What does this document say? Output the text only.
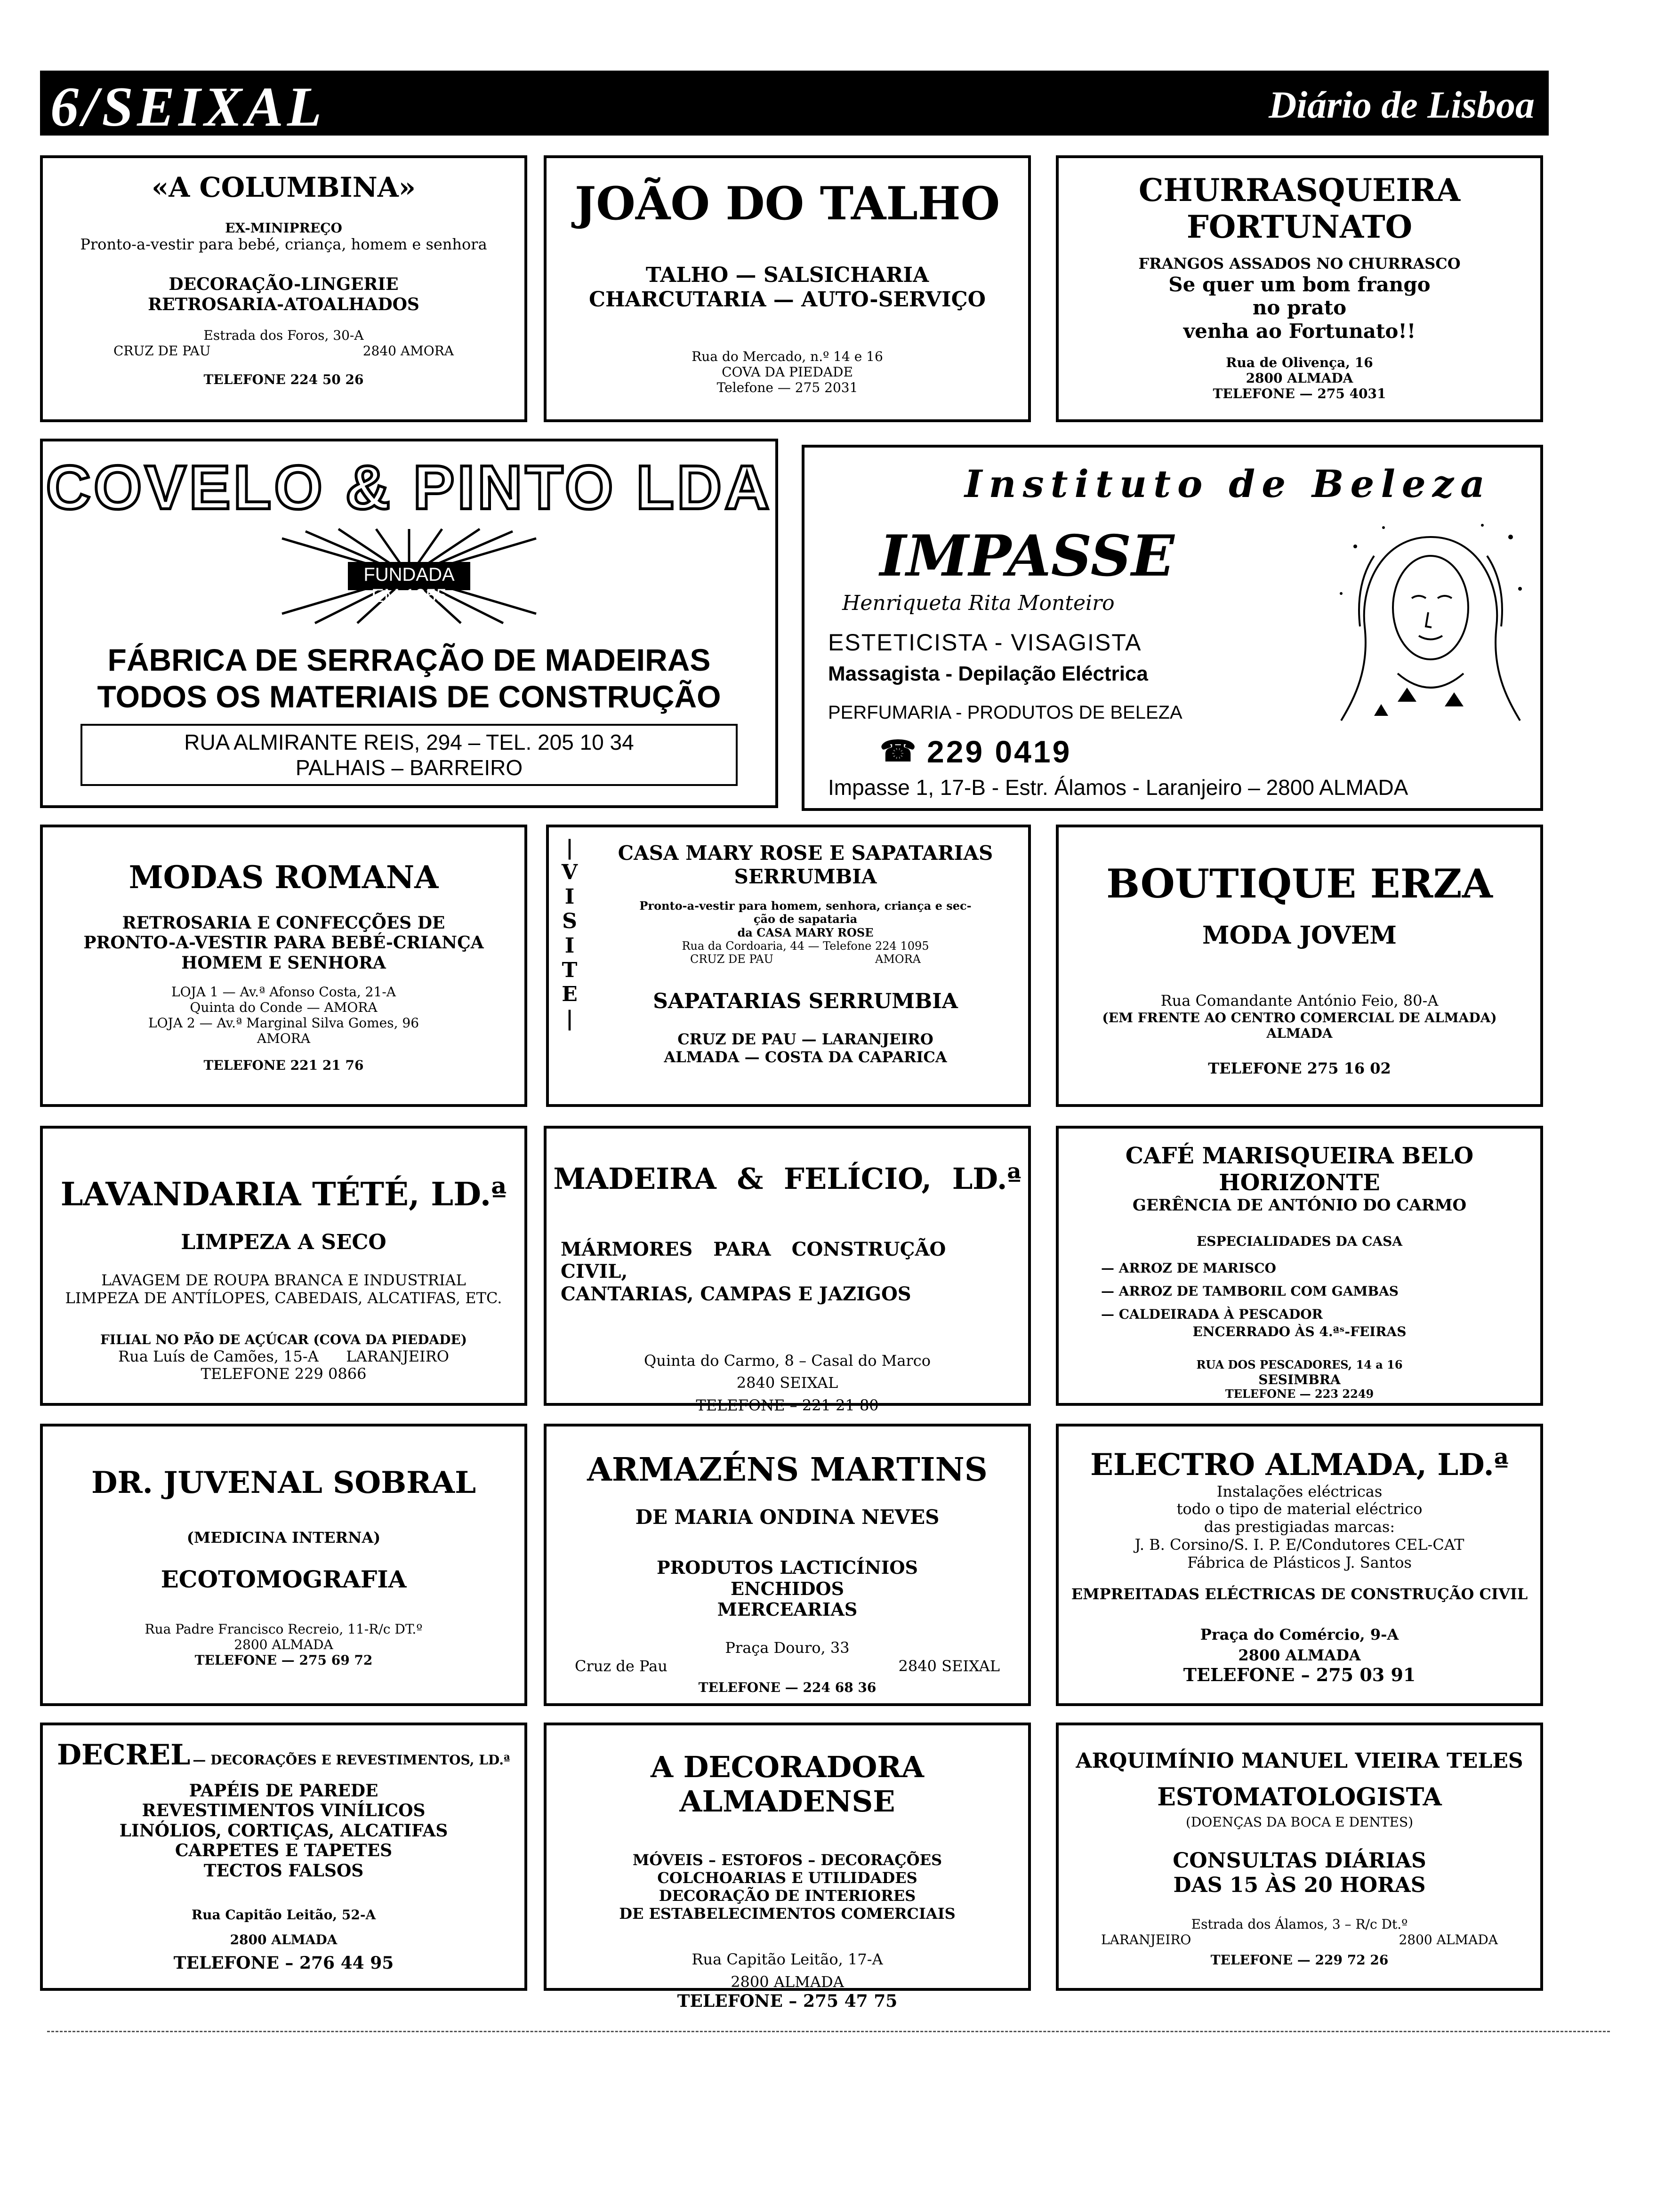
6/SEIXAL	Diário de Lisboa
«A COLUMBINA»
EX-MINIPREÇO
Pronto-a-vestir para bebé, criança, homem e senhora
DECORAÇÃO-LINGERIE
RETROSARIA-ATOALHADOS
Estrada dos Foros, 30-A
CRUZ DE PAU	2840 AMORA
TELEFONE 224 50 26
JOÃO DO TALHO
TALHO — SALSICHARIA
CHARCUTARIA — AUTO-SERVIÇO
Rua do Mercado, n.º 14 e 16
COVA DA PIEDADE
Telefone — 275 2031
CHURRASQUEIRA
FORTUNATO
FRANGOS ASSADOS NO CHURRASCO
Se quer um bom frango
no prato
venha ao Fortunato!!
Rua de Olivença, 16
2800 ALMADA
TELEFONE — 275 4031
COVELO & PINTO LDA
FUNDADA EM 1955
FÁBRICA DE SERRAÇÃO DE MADEIRAS
TODOS OS MATERIAIS DE CONSTRUÇÃO
RUA ALMIRANTE REIS, 294 – TEL. 205 10 34
PALHAIS – BARREIRO
Instituto de Beleza
IMPASSE
Henriqueta Rita Monteiro
ESTETICISTA - VISAGISTA
Massagista - Depilação Eléctrica
PERFUMARIA - PRODUTOS DE BELEZA
☎ 229 0419
Impasse 1, 17-B - Estr. Álamos - Laranjeiro – 2800 ALMADA
MODAS ROMANA
RETROSARIA E CONFECÇÕES DE
PRONTO-A-VESTIR PARA BEBÉ-CRIANÇA
HOMEM E SENHORA
LOJA 1 — Av.ª Afonso Costa, 21-A
Quinta do Conde — AMORA
LOJA 2 — Av.ª Marginal Silva Gomes, 96
AMORA
TELEFONE 221 21 76
|
V
I
S
I
T
E
|
CASA MARY ROSE E SAPATARIAS
SERRUMBIA
Pronto-a-vestir para homem, senhora, criança e sec-
ção de sapataria
da CASA MARY ROSE
Rua da Cordoaria, 44 — Telefone 224 1095
CRUZ DE PAU	AMORA
SAPATARIAS SERRUMBIA
CRUZ DE PAU — LARANJEIRO
ALMADA — COSTA DA CAPARICA
BOUTIQUE ERZA
MODA JOVEM
Rua Comandante António Feio, 80-A
(EM FRENTE AO CENTRO COMERCIAL DE ALMADA)
ALMADA
TELEFONE 275 16 02
LAVANDARIA TÉTÉ, LD.ª
LIMPEZA A SECO
LAVAGEM DE ROUPA BRANCA E INDUSTRIAL
LIMPEZA DE ANTÍLOPES, CABEDAIS, ALCATIFAS, ETC.
FILIAL NO PÃO DE AÇÚCAR (COVA DA PIEDADE)
Rua Luís de Camões, 15-A LARANJEIRO
TELEFONE 229 0866
MADEIRA & FELÍCIO, LD.ª
MÁRMORES PARA CONSTRUÇÃO CIVIL,
CANTARIAS, CAMPAS E JAZIGOS
Quinta do Carmo, 8 – Casal do Marco
2840 SEIXAL
TELEFONE – 221 21 80
CAFÉ MARISQUEIRA BELO HORIZONTE
GERÊNCIA DE ANTÓNIO DO CARMO
ESPECIALIDADES DA CASA
— ARROZ DE MARISCO
— ARROZ DE TAMBORIL COM GAMBAS
— CALDEIRADA À PESCADOR
ENCERRADO ÀS 4.ªˢ-FEIRAS
RUA DOS PESCADORES, 14 a 16
SESIMBRA
TELEFONE — 223 2249
DR. JUVENAL SOBRAL
(MEDICINA INTERNA)
ECOTOMOGRAFIA
Rua Padre Francisco Recreio, 11-R/c DT.º
2800 ALMADA
TELEFONE — 275 69 72
ARMAZÉNS MARTINS
DE MARIA ONDINA NEVES
PRODUTOS LACTICÍNIOS
ENCHIDOS
MERCEARIAS
Praça Douro, 33
Cruz de Pau	2840 SEIXAL
TELEFONE — 224 68 36
ELECTRO ALMADA, LD.ª
Instalações eléctricas
todo o tipo de material eléctrico
das prestigiadas marcas:
J. B. Corsino/S. I. P. E/Condutores CEL-CAT
Fábrica de Plásticos J. Santos
EMPREITADAS ELÉCTRICAS DE CONSTRUÇÃO CIVIL
Praça do Comércio, 9-A
2800 ALMADA
TELEFONE – 275 03 91
DECREL — DECORAÇÕES E REVESTIMENTOS, LD.ª
PAPÉIS DE PAREDE
REVESTIMENTOS VINÍLICOS
LINÓLIOS, CORTIÇAS, ALCATIFAS
CARPETES E TAPETES
TECTOS FALSOS
Rua Capitão Leitão, 52-A
2800 ALMADA
TELEFONE – 276 44 95
A DECORADORA ALMADENSE
MÓVEIS – ESTOFOS – DECORAÇÕES
COLCHOARIAS E UTILIDADES
DECORAÇÃO DE INTERIORES
DE ESTABELECIMENTOS COMERCIAIS
Rua Capitão Leitão, 17-A
2800 ALMADA
TELEFONE – 275 47 75
ARQUIMÍNIO MANUEL VIEIRA TELES
ESTOMATOLOGISTA
(DOENÇAS DA BOCA E DENTES)
CONSULTAS DIÁRIAS
DAS 15 ÀS 20 HORAS
Estrada dos Álamos, 3 – R/c Dt.º
LARANJEIRO	2800 ALMADA
TELEFONE — 229 72 26
